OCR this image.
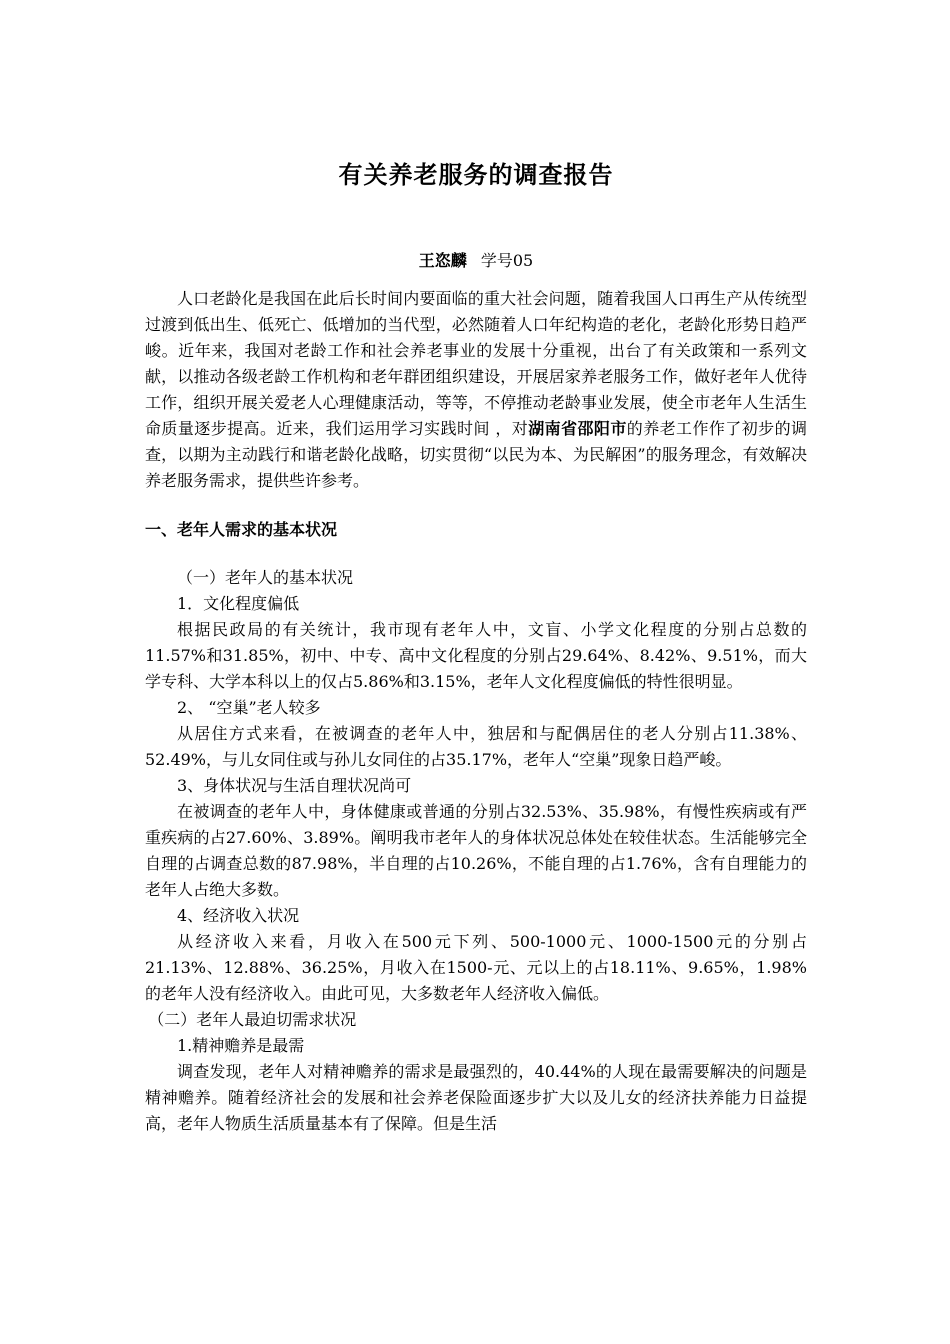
有关养老服务的调查报告
王恣麟 学号05

人口老龄化是我国在此后长时间内要面临的重大社会问题，随着我国人口再生产从传统型过渡到低出生、低死亡、低增加的当代型，必然随着人口年纪构造的老化，老龄化形势日趋严峻。近年来，我国对老龄工作和社会养老事业的发展十分重视，出台了有关政策和一系列文献，以推动各级老龄工作机构和老年群团组织建设，开展居家养老服务工作，做好老年人优待工作，组织开展关爱老人心理健康活动，等等，不停推动老龄事业发展，使全市老年人生活生命质量逐步提高。近来，我们运用学习实践时间 ，对湖南省邵阳市的养老工作作了初步的调查，以期为主动践行和谐老龄化战略，切实贯彻“以民为本、为民解困”的服务理念，有效解决养老服务需求，提供些许参考。

一、老年人需求的基本状况

（一）老年人的基本状况

1．文化程度偏低

根据民政局的有关统计，我市现有老年人中，文盲、小学文化程度的分别占总数的11.57%和31.85%，初中、中专、高中文化程度的分别占29.64%、8.42%、9.51%，而大学专科、大学本科以上的仅占5.86%和3.15%，老年人文化程度偏低的特性很明显。

2、 “空巢”老人较多

从居住方式来看，在被调查的老年人中，独居和与配偶居住的老人分别占11.38%、52.49%，与儿女同住或与孙儿女同住的占35.17%，老年人“空巢”现象日趋严峻。

3、身体状况与生活自理状况尚可

在被调查的老年人中，身体健康或普通的分别占32.53%、35.98%，有慢性疾病或有严重疾病的占27.60%、3.89%。阐明我市老年人的身体状况总体处在较佳状态。生活能够完全自理的占调查总数的87.98%，半自理的占10.26%，不能自理的占1.76%，含有自理能力的老年人占绝大多数。

4、经济收入状况

从经济收入来看，月收入在500元下列、500-1000元、1000-1500元的分别占21.13%、12.88%、36.25%，月收入在1500-元、元以上的占18.11%、9.65%，1.98%的老年人没有经济收入。由此可见，大多数老年人经济收入偏低。

（二）老年人最迫切需求状况

1.精神赡养是最需

调查发现，老年人对精神赡养的需求是最强烈的，40.44%的人现在最需要解决的问题是精神赡养。随着经济社会的发展和社会养老保险面逐步扩大以及儿女的经济扶养能力日益提高，老年人物质生活质量基本有了保障。但是生活
